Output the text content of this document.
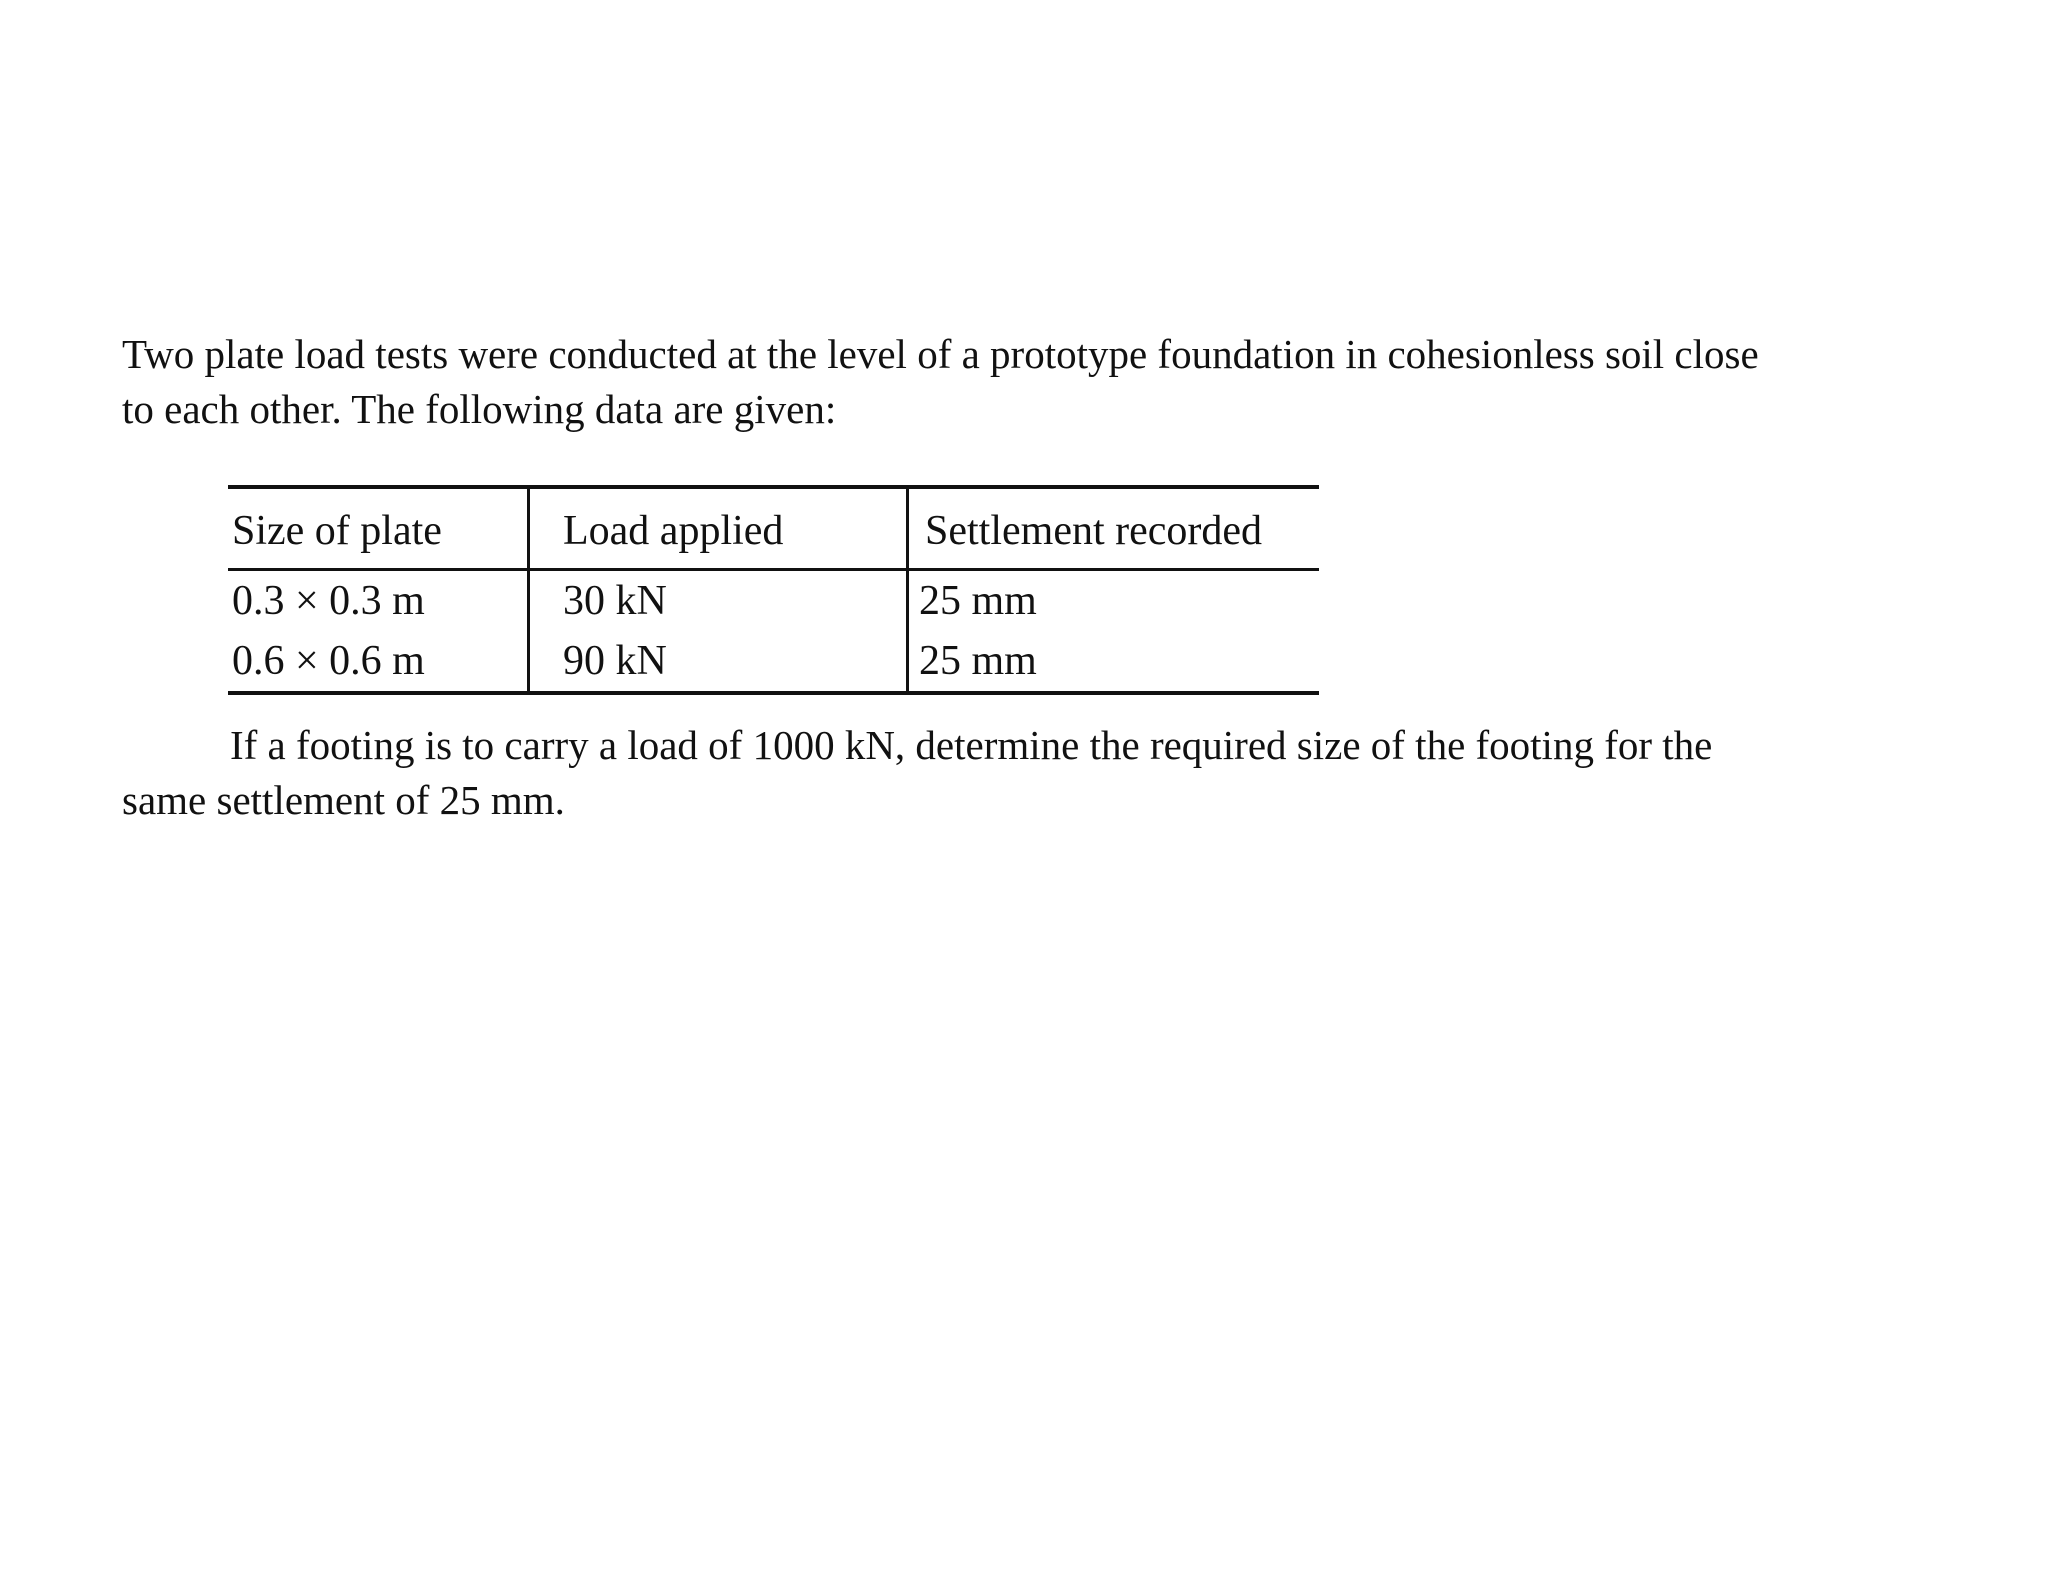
Two plate load tests were conducted at the level of a prototype foundation in cohesionless soil close
to each other. The following data are given:

Size of plate	Load applied	Settlement recorded
0.3 × 0.3 m	30 kN	25 mm
0.6 × 0.6 m	90 kN	25 mm

If a footing is to carry a load of 1000 kN, determine the required size of the footing for the
same settlement of 25 mm.
